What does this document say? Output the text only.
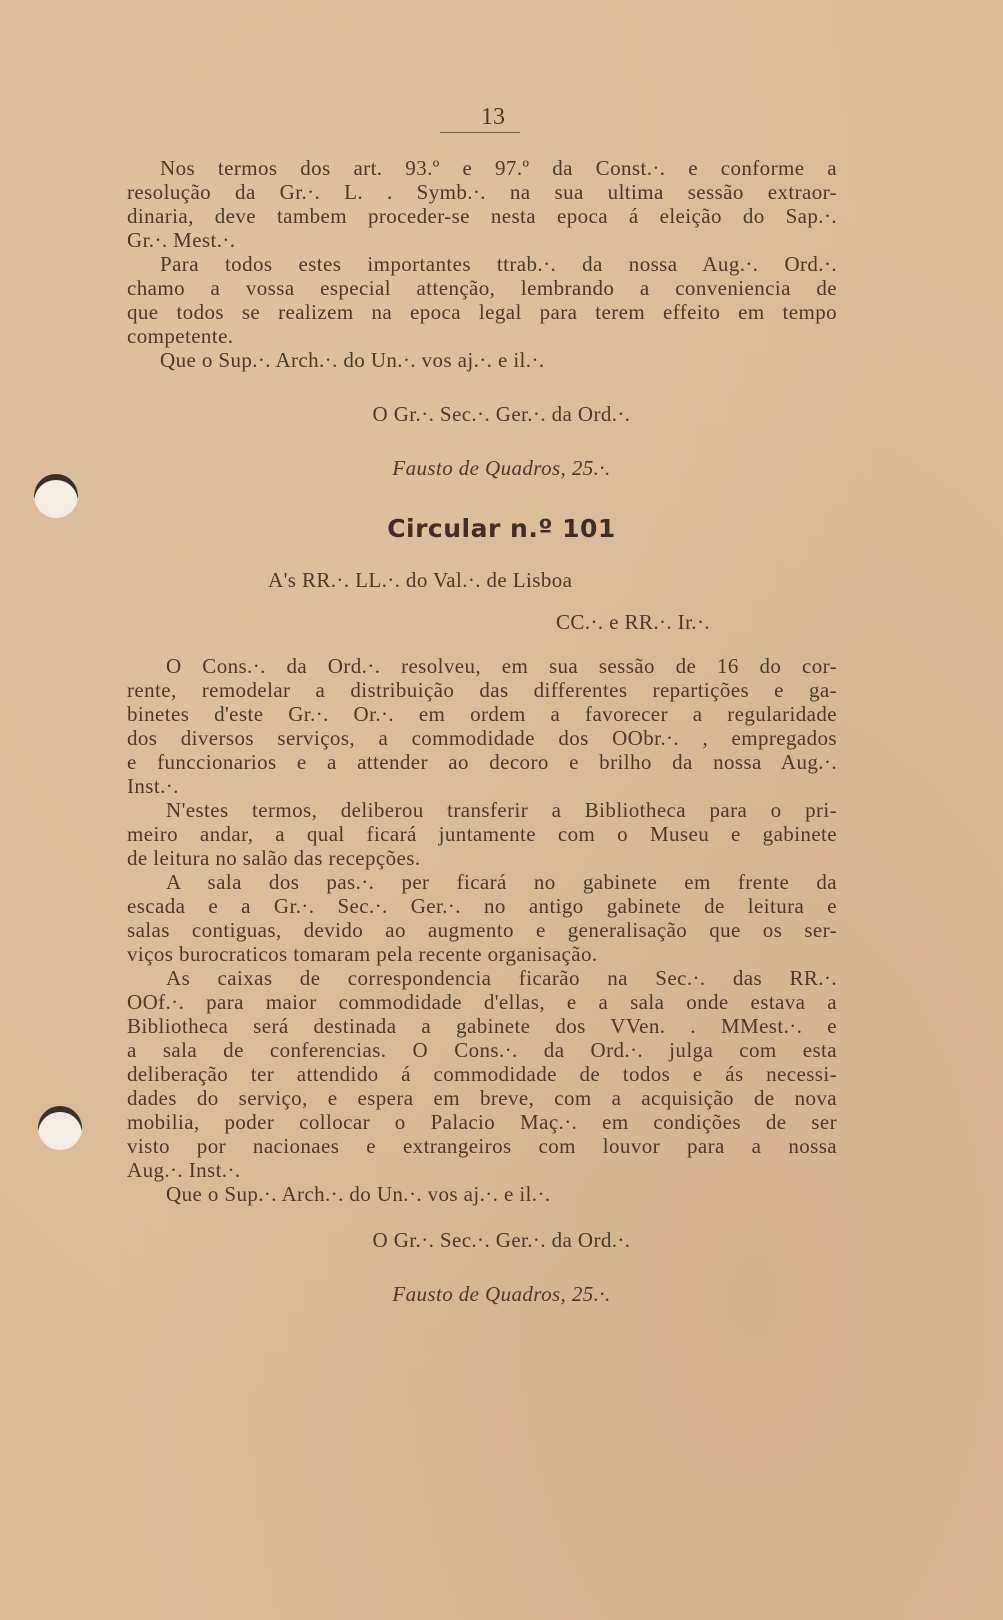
13
Nos termos dos art. 93.º e 97.º da Const.·. e conforme a
resolução da Gr.·. L. . Symb.·. na sua ultima sessão extraor-
dinaria, deve tambem proceder-se nesta epoca á eleição do Sap.·.
Gr.·. Mest.·.
Para todos estes importantes ttrab.·. da nossa Aug.·. Ord.·.
chamo a vossa especial attenção, lembrando a conveniencia de
que todos se realizem na epoca legal para terem effeito em tempo
competente.
Que o Sup.·. Arch.·. do Un.·. vos aj.·. e il.·.
O Gr.·. Sec.·. Ger.·. da Ord.·.
Fausto de Quadros, 25.·.
Circular n.º 101
A's RR.·. LL.·. do Val.·. de Lisboa
CC.·. e RR.·. Ir.·.
O Cons.·. da Ord.·. resolveu, em sua sessão de 16 do cor-
rente, remodelar a distribuição das differentes repartições e ga-
binetes d'este Gr.·. Or.·. em ordem a favorecer a regularidade
dos diversos serviços, a commodidade dos OObr.·. , empregados
e funccionarios e a attender ao decoro e brilho da nossa Aug.·.
Inst.·.
N'estes termos, deliberou transferir a Bibliotheca para o pri-
meiro andar, a qual ficará juntamente com o Museu e gabinete
de leitura no salão das recepções.
A sala dos pas.·. per ficará no gabinete em frente da
escada e a Gr.·. Sec.·. Ger.·. no antigo gabinete de leitura e
salas contiguas, devido ao augmento e generalisação que os ser-
viços burocraticos tomaram pela recente organisação.
As caixas de correspondencia ficarão na Sec.·. das RR.·.
OOf.·. para maior commodidade d'ellas, e a sala onde estava a
Bibliotheca será destinada a gabinete dos VVen. . MMest.·. e
a sala de conferencias. O Cons.·. da Ord.·. julga com esta
deliberação ter attendido á commodidade de todos e ás necessi-
dades do serviço, e espera em breve, com a acquisição de nova
mobilia, poder collocar o Palacio Maç.·. em condições de ser
visto por nacionaes e extrangeiros com louvor para a nossa
Aug.·. Inst.·.
Que o Sup.·. Arch.·. do Un.·. vos aj.·. e il.·.
O Gr.·. Sec.·. Ger.·. da Ord.·.
Fausto de Quadros, 25.·.
